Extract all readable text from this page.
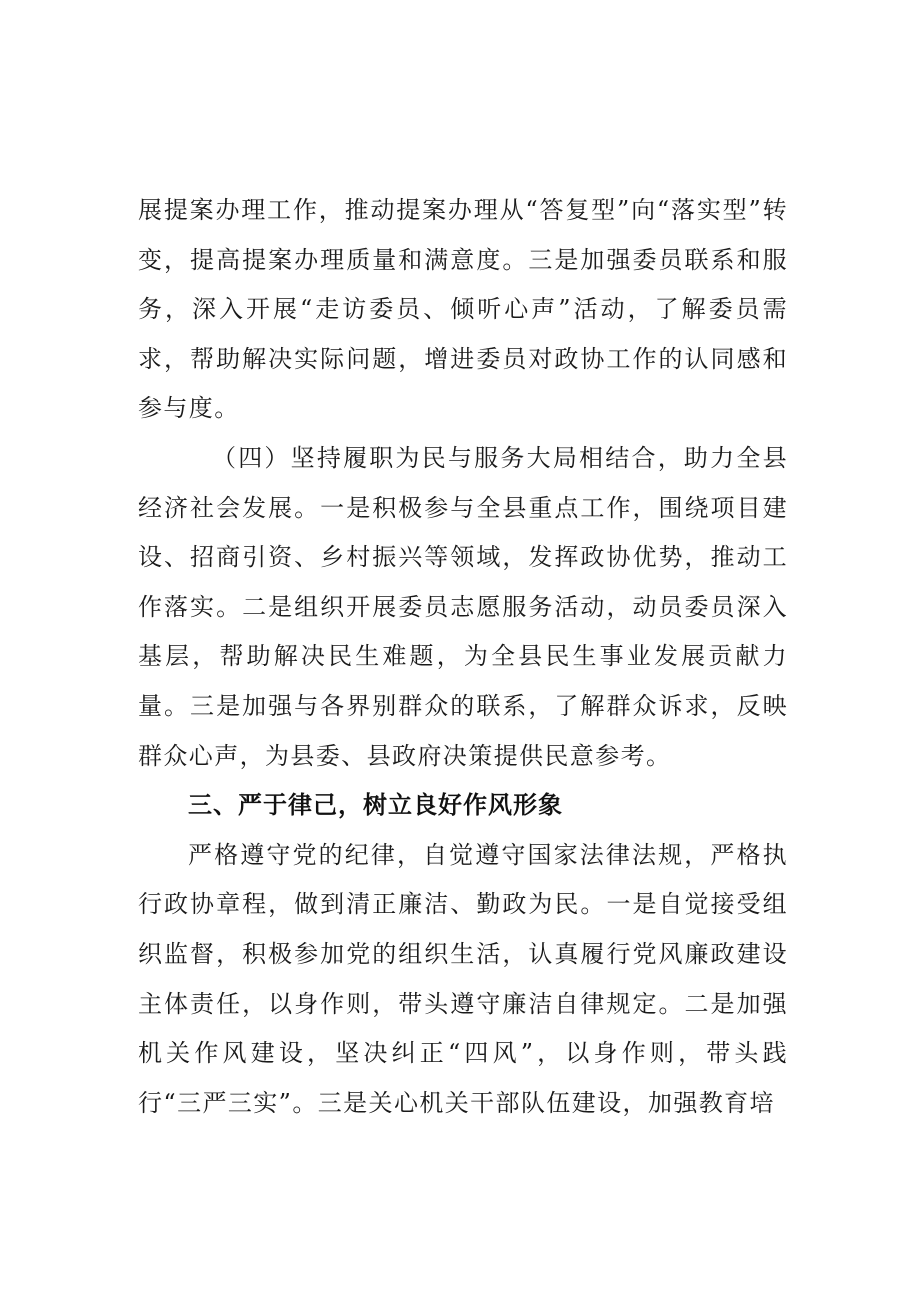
展提案办理工作，推动提案办理从“答复型”向“落实型”转变，提高提案办理质量和满意度。三是加强委员联系和服务，深入开展“走访委员、倾听心声”活动，了解委员需求，帮助解决实际问题，增进委员对政协工作的认同感和参与度。

（四）坚持履职为民与服务大局相结合，助力全县经济社会发展。一是积极参与全县重点工作，围绕项目建设、招商引资、乡村振兴等领域，发挥政协优势，推动工作落实。二是组织开展委员志愿服务活动，动员委员深入基层，帮助解决民生难题，为全县民生事业发展贡献力量。三是加强与各界别群众的联系，了解群众诉求，反映群众心声，为县委、县政府决策提供民意参考。

三、严于律己，树立良好作风形象

严格遵守党的纪律，自觉遵守国家法律法规，严格执行政协章程，做到清正廉洁、勤政为民。一是自觉接受组织监督，积极参加党的组织生活，认真履行党风廉政建设主体责任，以身作则，带头遵守廉洁自律规定。二是加强机关作风建设，坚决纠正“四风”，以身作则，带头践行“三严三实”。三是关心机关干部队伍建设，加强教育培
